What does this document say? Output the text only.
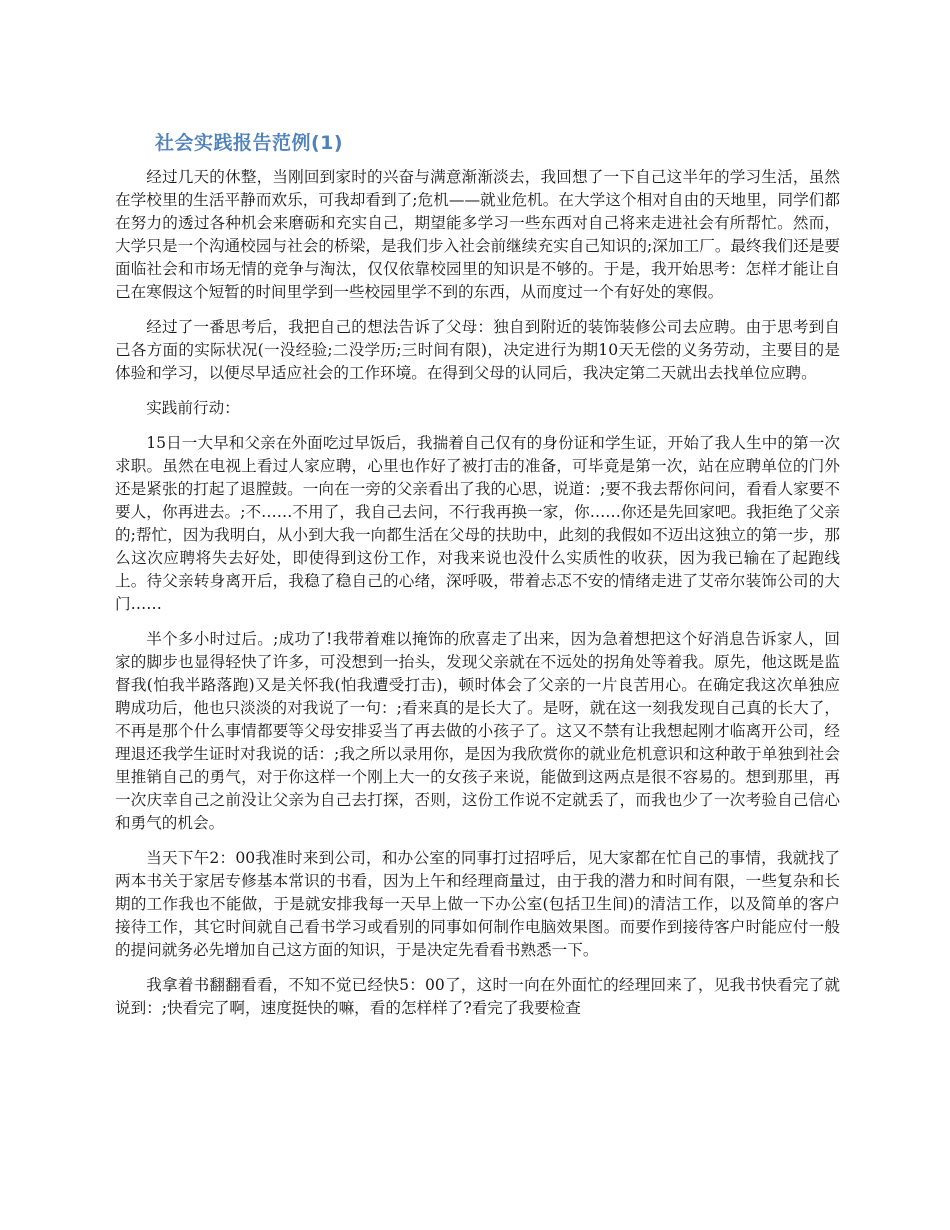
社会实践报告范例(1)

经过几天的休整，当刚回到家时的兴奋与满意渐渐淡去，我回想了一下自己这半年的学习生活，虽然在学校里的生活平静而欢乐，可我却看到了;危机——就业危机。在大学这个相对自由的天地里，同学们都在努力的透过各种机会来磨砺和充实自己，期望能多学习一些东西对自己将来走进社会有所帮忙。然而，大学只是一个沟通校园与社会的桥梁，是我们步入社会前继续充实自己知识的;深加工厂。最终我们还是要面临社会和市场无情的竞争与淘汰，仅仅依靠校园里的知识是不够的。于是，我开始思考：怎样才能让自己在寒假这个短暂的时间里学到一些校园里学不到的东西，从而度过一个有好处的寒假。

经过了一番思考后，我把自己的想法告诉了父母：独自到附近的装饰装修公司去应聘。由于思考到自己各方面的实际状况(一没经验;二没学历;三时间有限)，决定进行为期10天无偿的义务劳动，主要目的是体验和学习，以便尽早适应社会的工作环境。在得到父母的认同后，我决定第二天就出去找单位应聘。

实践前行动：

15日一大早和父亲在外面吃过早饭后，我揣着自己仅有的身份证和学生证，开始了我人生中的第一次求职。虽然在电视上看过人家应聘，心里也作好了被打击的准备，可毕竟是第一次，站在应聘单位的门外还是紧张的打起了退膛鼓。一向在一旁的父亲看出了我的心思，说道：;要不我去帮你问问，看看人家要不要人，你再进去。;不……不用了，我自己去问，不行我再换一家，你……你还是先回家吧。我拒绝了父亲的;帮忙，因为我明白，从小到大我一向都生活在父母的扶助中，此刻的我假如不迈出这独立的第一步，那么这次应聘将失去好处，即使得到这份工作，对我来说也没什么实质性的收获，因为我已输在了起跑线上。待父亲转身离开后，我稳了稳自己的心绪，深呼吸，带着忐忑不安的情绪走进了艾帝尔装饰公司的大门……

半个多小时过后。;成功了!我带着难以掩饰的欣喜走了出来，因为急着想把这个好消息告诉家人，回家的脚步也显得轻快了许多，可没想到一抬头，发现父亲就在不远处的拐角处等着我。原先，他这既是监督我(怕我半路落跑)又是关怀我(怕我遭受打击)，顿时体会了父亲的一片良苦用心。在确定我这次单独应聘成功后，他也只淡淡的对我说了一句：;看来真的是长大了。是呀，就在这一刻我发现自己真的长大了，不再是那个什么事情都要等父母安排妥当了再去做的小孩子了。这又不禁有让我想起刚才临离开公司，经理退还我学生证时对我说的话：;我之所以录用你，是因为我欣赏你的就业危机意识和这种敢于单独到社会里推销自己的勇气，对于你这样一个刚上大一的女孩子来说，能做到这两点是很不容易的。想到那里，再一次庆幸自己之前没让父亲为自己去打探，否则，这份工作说不定就丢了，而我也少了一次考验自己信心和勇气的机会。

当天下午2：00我准时来到公司，和办公室的同事打过招呼后，见大家都在忙自己的事情，我就找了两本书关于家居专修基本常识的书看，因为上午和经理商量过，由于我的潜力和时间有限，一些复杂和长期的工作我也不能做，于是就安排我每一天早上做一下办公室(包括卫生间)的清洁工作，以及简单的客户接待工作，其它时间就自己看书学习或看别的同事如何制作电脑效果图。而要作到接待客户时能应付一般的提问就务必先增加自己这方面的知识，于是决定先看看书熟悉一下。

我拿着书翻翻看看，不知不觉已经快5：00了，这时一向在外面忙的经理回来了，见我书快看完了就说到：;快看完了啊，速度挺快的嘛，看的怎样样了?看完了我要检查
